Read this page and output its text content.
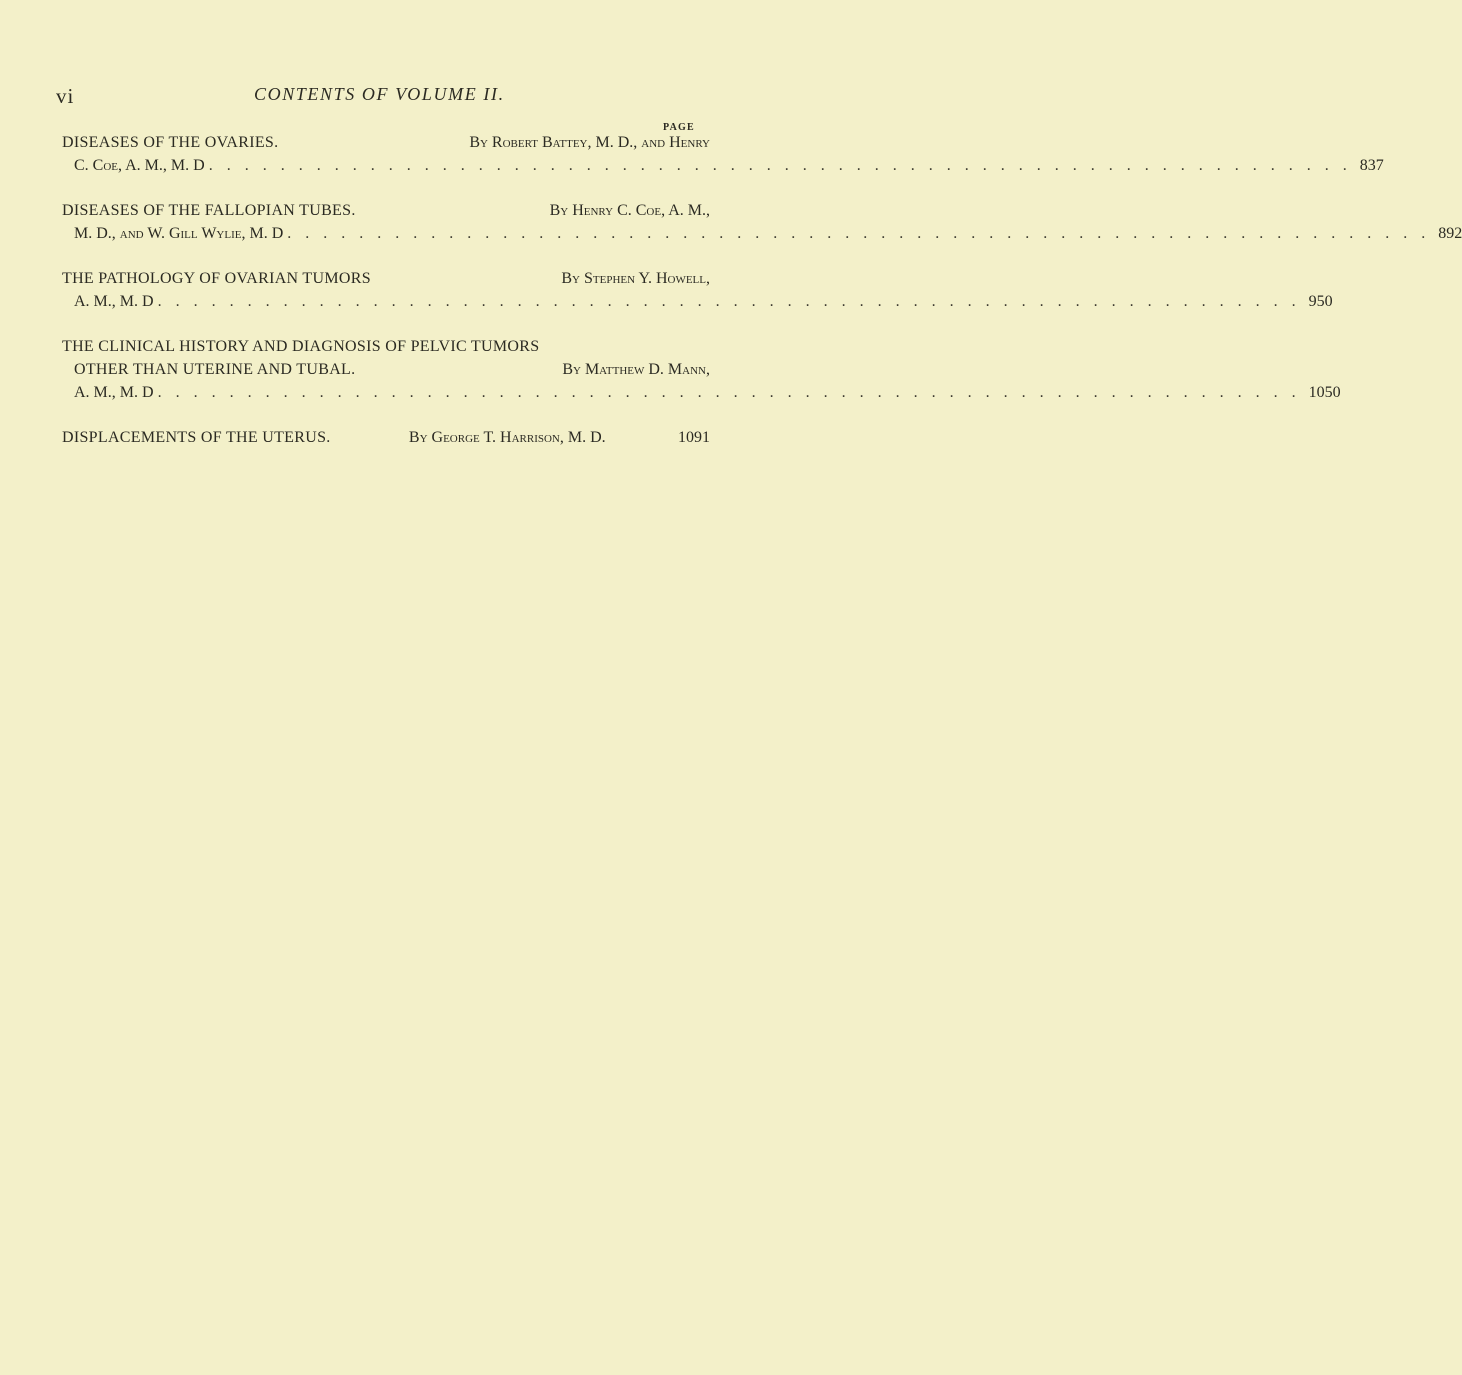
vi	CONTENTS OF VOLUME II.
PAGE
DISEASES OF THE OVARIES.	By Robert Battey, M. D., and Henry
C. Coe, A. M., M. D . . . . . . . . . . . . . . . . . . . . . . . . . . . . . . . . . . . . . . . . . . . . . . . . . . . . . . . . . . . . . . . . 837
DISEASES OF THE FALLOPIAN TUBES.	By Henry C. Coe, A. M.,
M. D., and W. Gill Wylie, M. D . . . . . . . . . . . . . . . . . . . . . . . . . . . . . . . . . . . . . . . . . . . . . . . . . . . . . . . . . . . . . . . . 892
THE PATHOLOGY OF OVARIAN TUMORS	By Stephen Y. Howell,
A. M., M. D . . . . . . . . . . . . . . . . . . . . . . . . . . . . . . . . . . . . . . . . . . . . . . . . . . . . . . . . . . . . . . . . 950
THE CLINICAL HISTORY AND DIAGNOSIS OF PELVIC TUMORS
OTHER THAN UTERINE AND TUBAL.	By Matthew D. Mann,
A. M., M. D . . . . . . . . . . . . . . . . . . . . . . . . . . . . . . . . . . . . . . . . . . . . . . . . . . . . . . . . . . . . . . . . 1050
DISPLACEMENTS OF THE UTERUS.	By George T. Harrison, M. D.	1091
